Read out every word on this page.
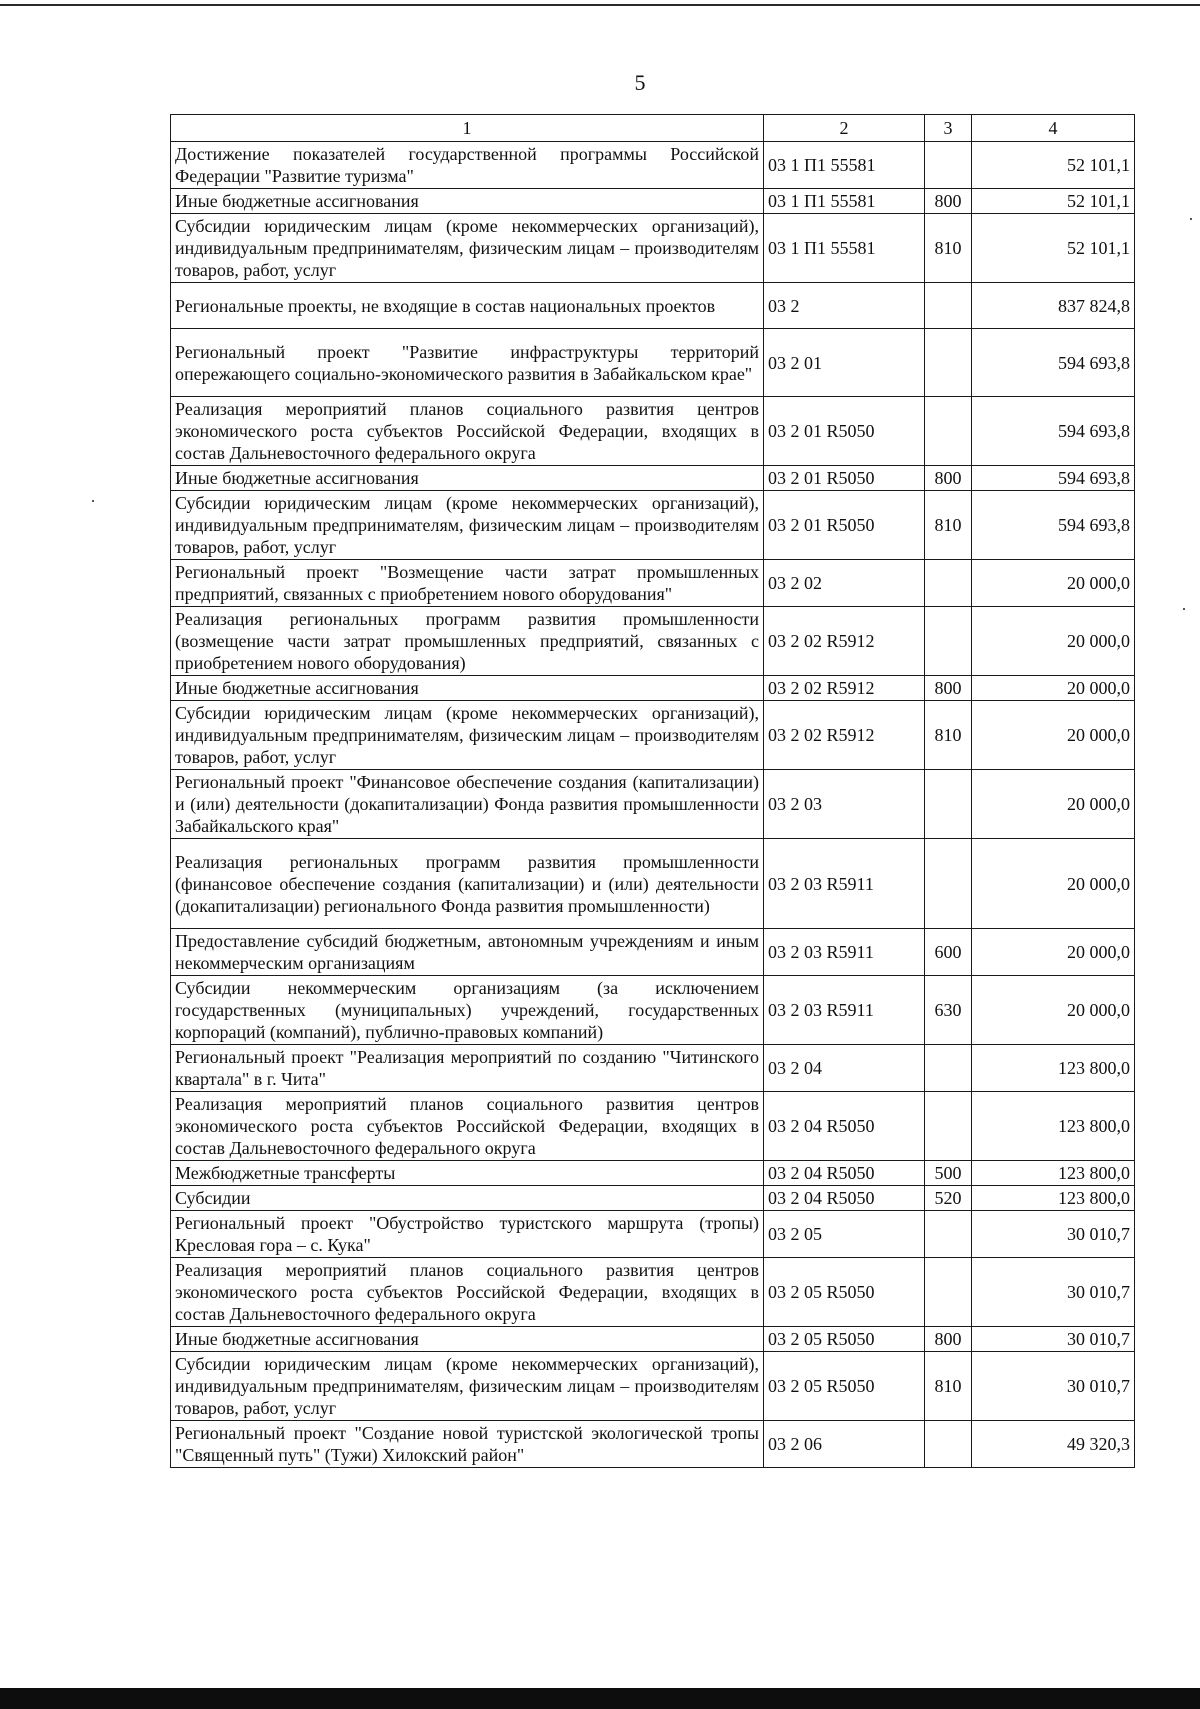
5
1	2	3	4
Достижение показателей государственной программы Российской Федерации "Развитие туризма"	03 1 П1 55581		52 101,1
Иные бюджетные ассигнования	03 1 П1 55581	800	52 101,1
Субсидии юридическим лицам (кроме некоммерческих организаций), индивидуальным предпринимателям, физическим лицам – производителям товаров, работ, услуг	03 1 П1 55581	810	52 101,1
Региональные проекты, не входящие в состав национальных проектов	03 2		837 824,8
Региональный проект "Развитие инфраструктуры территорий опережающего социально-экономического развития в Забайкальском крае"	03 2 01		594 693,8
Реализация мероприятий планов социального развития центров экономического роста субъектов Российской Федерации, входящих в состав Дальневосточного федерального округа	03 2 01 R5050		594 693,8
Иные бюджетные ассигнования	03 2 01 R5050	800	594 693,8
Субсидии юридическим лицам (кроме некоммерческих организаций), индивидуальным предпринимателям, физическим лицам – производителям товаров, работ, услуг	03 2 01 R5050	810	594 693,8
Региональный проект "Возмещение части затрат промышленных предприятий, связанных с приобретением нового оборудования"	03 2 02		20 000,0
Реализация региональных программ развития промышленности (возмещение части затрат промышленных предприятий, связанных с приобретением нового оборудования)	03 2 02 R5912		20 000,0
Иные бюджетные ассигнования	03 2 02 R5912	800	20 000,0
Субсидии юридическим лицам (кроме некоммерческих организаций), индивидуальным предпринимателям, физическим лицам – производителям товаров, работ, услуг	03 2 02 R5912	810	20 000,0
Региональный проект "Финансовое обеспечение создания (капитализации) и (или) деятельности (докапитализации) Фонда развития промышленности Забайкальского края"	03 2 03		20 000,0
Реализация региональных программ развития промышленности (финансовое обеспечение создания (капитализации) и (или) деятельности (докапитализации) регионального Фонда развития промышленности)	03 2 03 R5911		20 000,0
Предоставление субсидий бюджетным, автономным учреждениям и иным некоммерческим организациям	03 2 03 R5911	600	20 000,0
Субсидии некоммерческим организациям (за исключением государственных (муниципальных) учреждений, государственных корпораций (компаний), публично-правовых компаний)	03 2 03 R5911	630	20 000,0
Региональный проект "Реализация мероприятий по созданию "Читинского квартала" в г. Чита"	03 2 04		123 800,0
Реализация мероприятий планов социального развития центров экономического роста субъектов Российской Федерации, входящих в состав Дальневосточного федерального округа	03 2 04 R5050		123 800,0
Межбюджетные трансферты	03 2 04 R5050	500	123 800,0
Субсидии	03 2 04 R5050	520	123 800,0
Региональный проект "Обустройство туристского маршрута (тропы) Кресловая гора – с. Кука"	03 2 05		30 010,7
Реализация мероприятий планов социального развития центров экономического роста субъектов Российской Федерации, входящих в состав Дальневосточного федерального округа	03 2 05 R5050		30 010,7
Иные бюджетные ассигнования	03 2 05 R5050	800	30 010,7
Субсидии юридическим лицам (кроме некоммерческих организаций), индивидуальным предпринимателям, физическим лицам – производителям товаров, работ, услуг	03 2 05 R5050	810	30 010,7
Региональный проект "Создание новой туристской экологической тропы "Священный путь" (Тужи) Хилокский район"	03 2 06		49 320,3
